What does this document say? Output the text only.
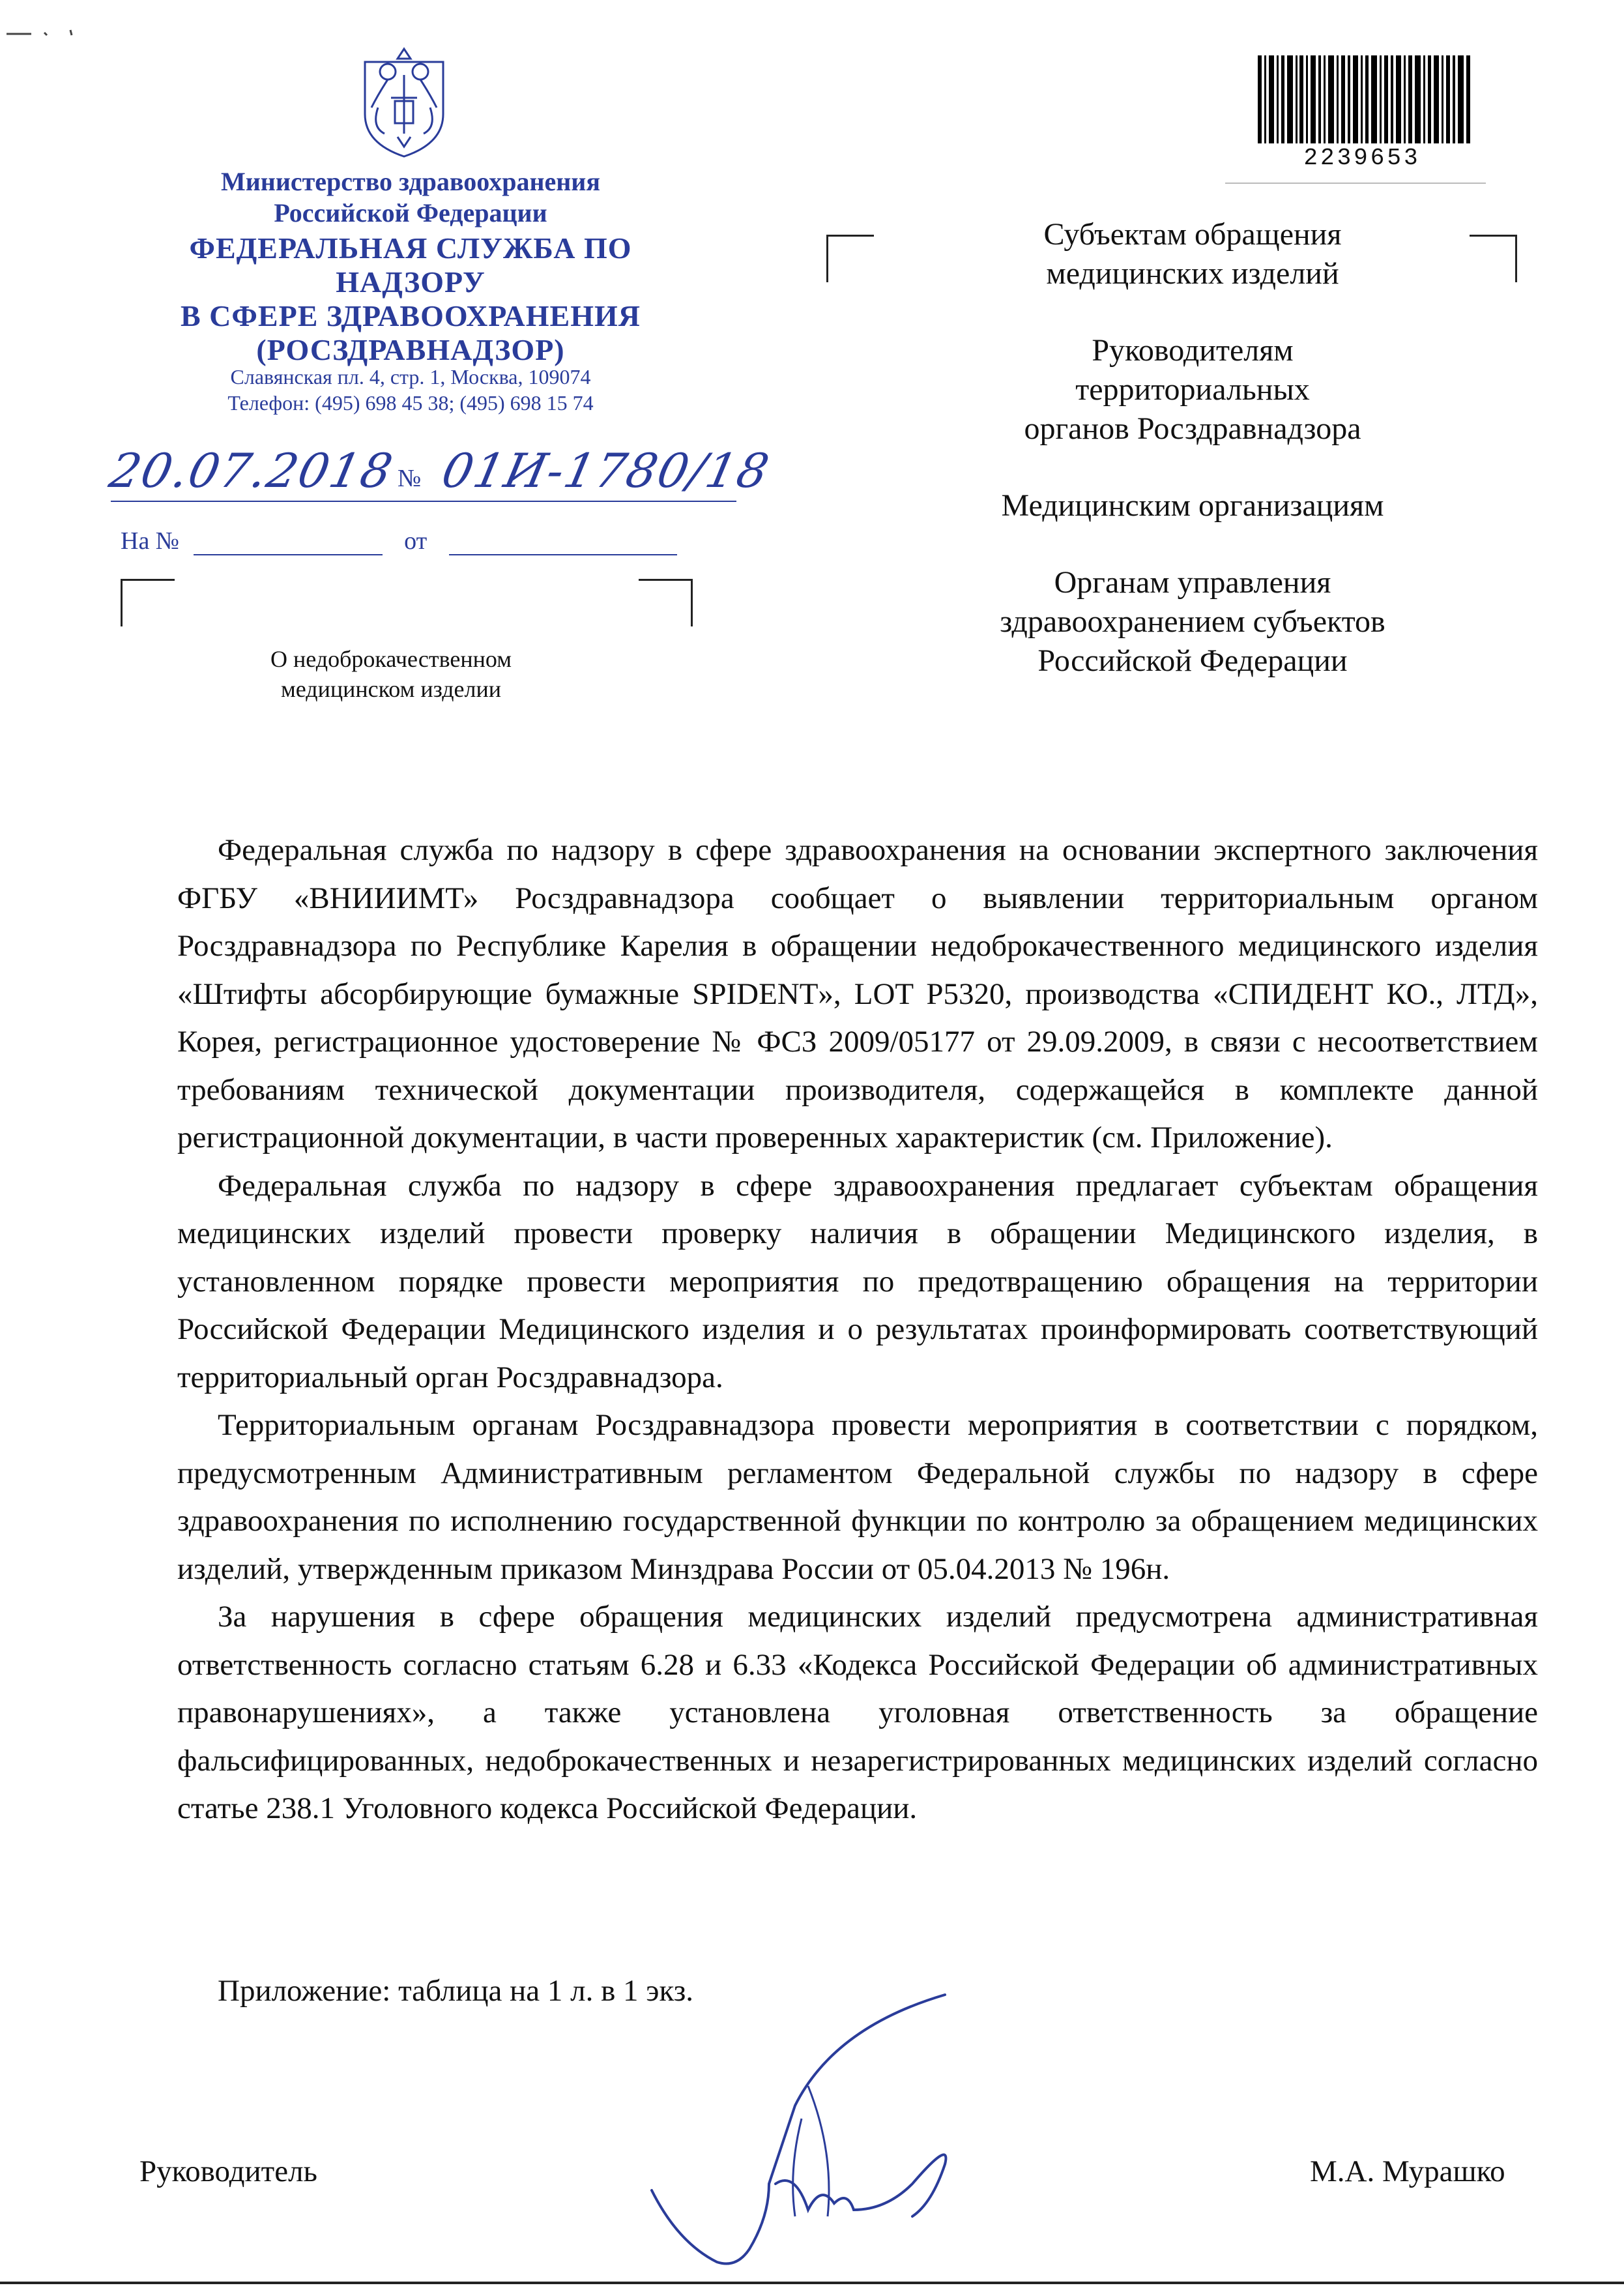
Министерство здравоохранения
Российской Федерации
ФЕДЕРАЛЬНАЯ СЛУЖБА ПО НАДЗОРУ
В СФЕРЕ ЗДРАВООХРАНЕНИЯ
(РОСЗДРАВНАДЗОР)
Славянская пл. 4, стр. 1, Москва, 109074
Телефон: (495) 698 45 38; (495) 698 15 74
20.07.2018
№ 01И-1780/18
На №	от
О недоброкачественном
медицинском изделии
2239653
Субъектам обращения
медицинских изделий
Руководителям
территориальных
органов Росздравнадзора
Медицинским организациям
Органам управления
здравоохранением субъектов
Российской Федерации

Федеральная служба по надзору в сфере здравоохранения на основании экспертного заключения ФГБУ «ВНИИИМТ» Росздравнадзора сообщает о выявлении территориальным органом Росздравнадзора по Республике Карелия в обращении недоброкачественного медицинского изделия «Штифты абсорбирующие бумажные SPIDENT», LOT P5320, производства «СПИДЕНТ КО., ЛТД», Корея, регистрационное удостоверение № ФСЗ 2009/05177 от 29.09.2009, в связи с несоответствием требованиям технической документации производителя, содержащейся в комплекте данной регистрационной документации, в части проверенных характеристик (см. Приложение).

Федеральная служба по надзору в сфере здравоохранения предлагает субъектам обращения медицинских изделий провести проверку наличия в обращении Медицинского изделия, в установленном порядке провести мероприятия по предотвращению обращения на территории Российской Федерации Медицинского изделия и о результатах проинформировать соответствующий территориальный орган Росздравнадзора.

Территориальным органам Росздравнадзора провести мероприятия в соответствии с порядком, предусмотренным Административным регламентом Федеральной службы по надзору в сфере здравоохранения по исполнению государственной функции по контролю за обращением медицинских изделий, утвержденным приказом Минздрава России от 05.04.2013 № 196н.

За нарушения в сфере обращения медицинских изделий предусмотрена административная ответственность согласно статьям 6.28 и 6.33 «Кодекса Российской Федерации об административных правонарушениях», а также установлена уголовная ответственность за обращение фальсифицированных, недоброкачественных и незарегистрированных медицинских изделий согласно статье 238.1 Уголовного кодекса Российской Федерации.

Приложение: таблица на 1 л. в 1 экз.
Руководитель	М.А. Мурашко
